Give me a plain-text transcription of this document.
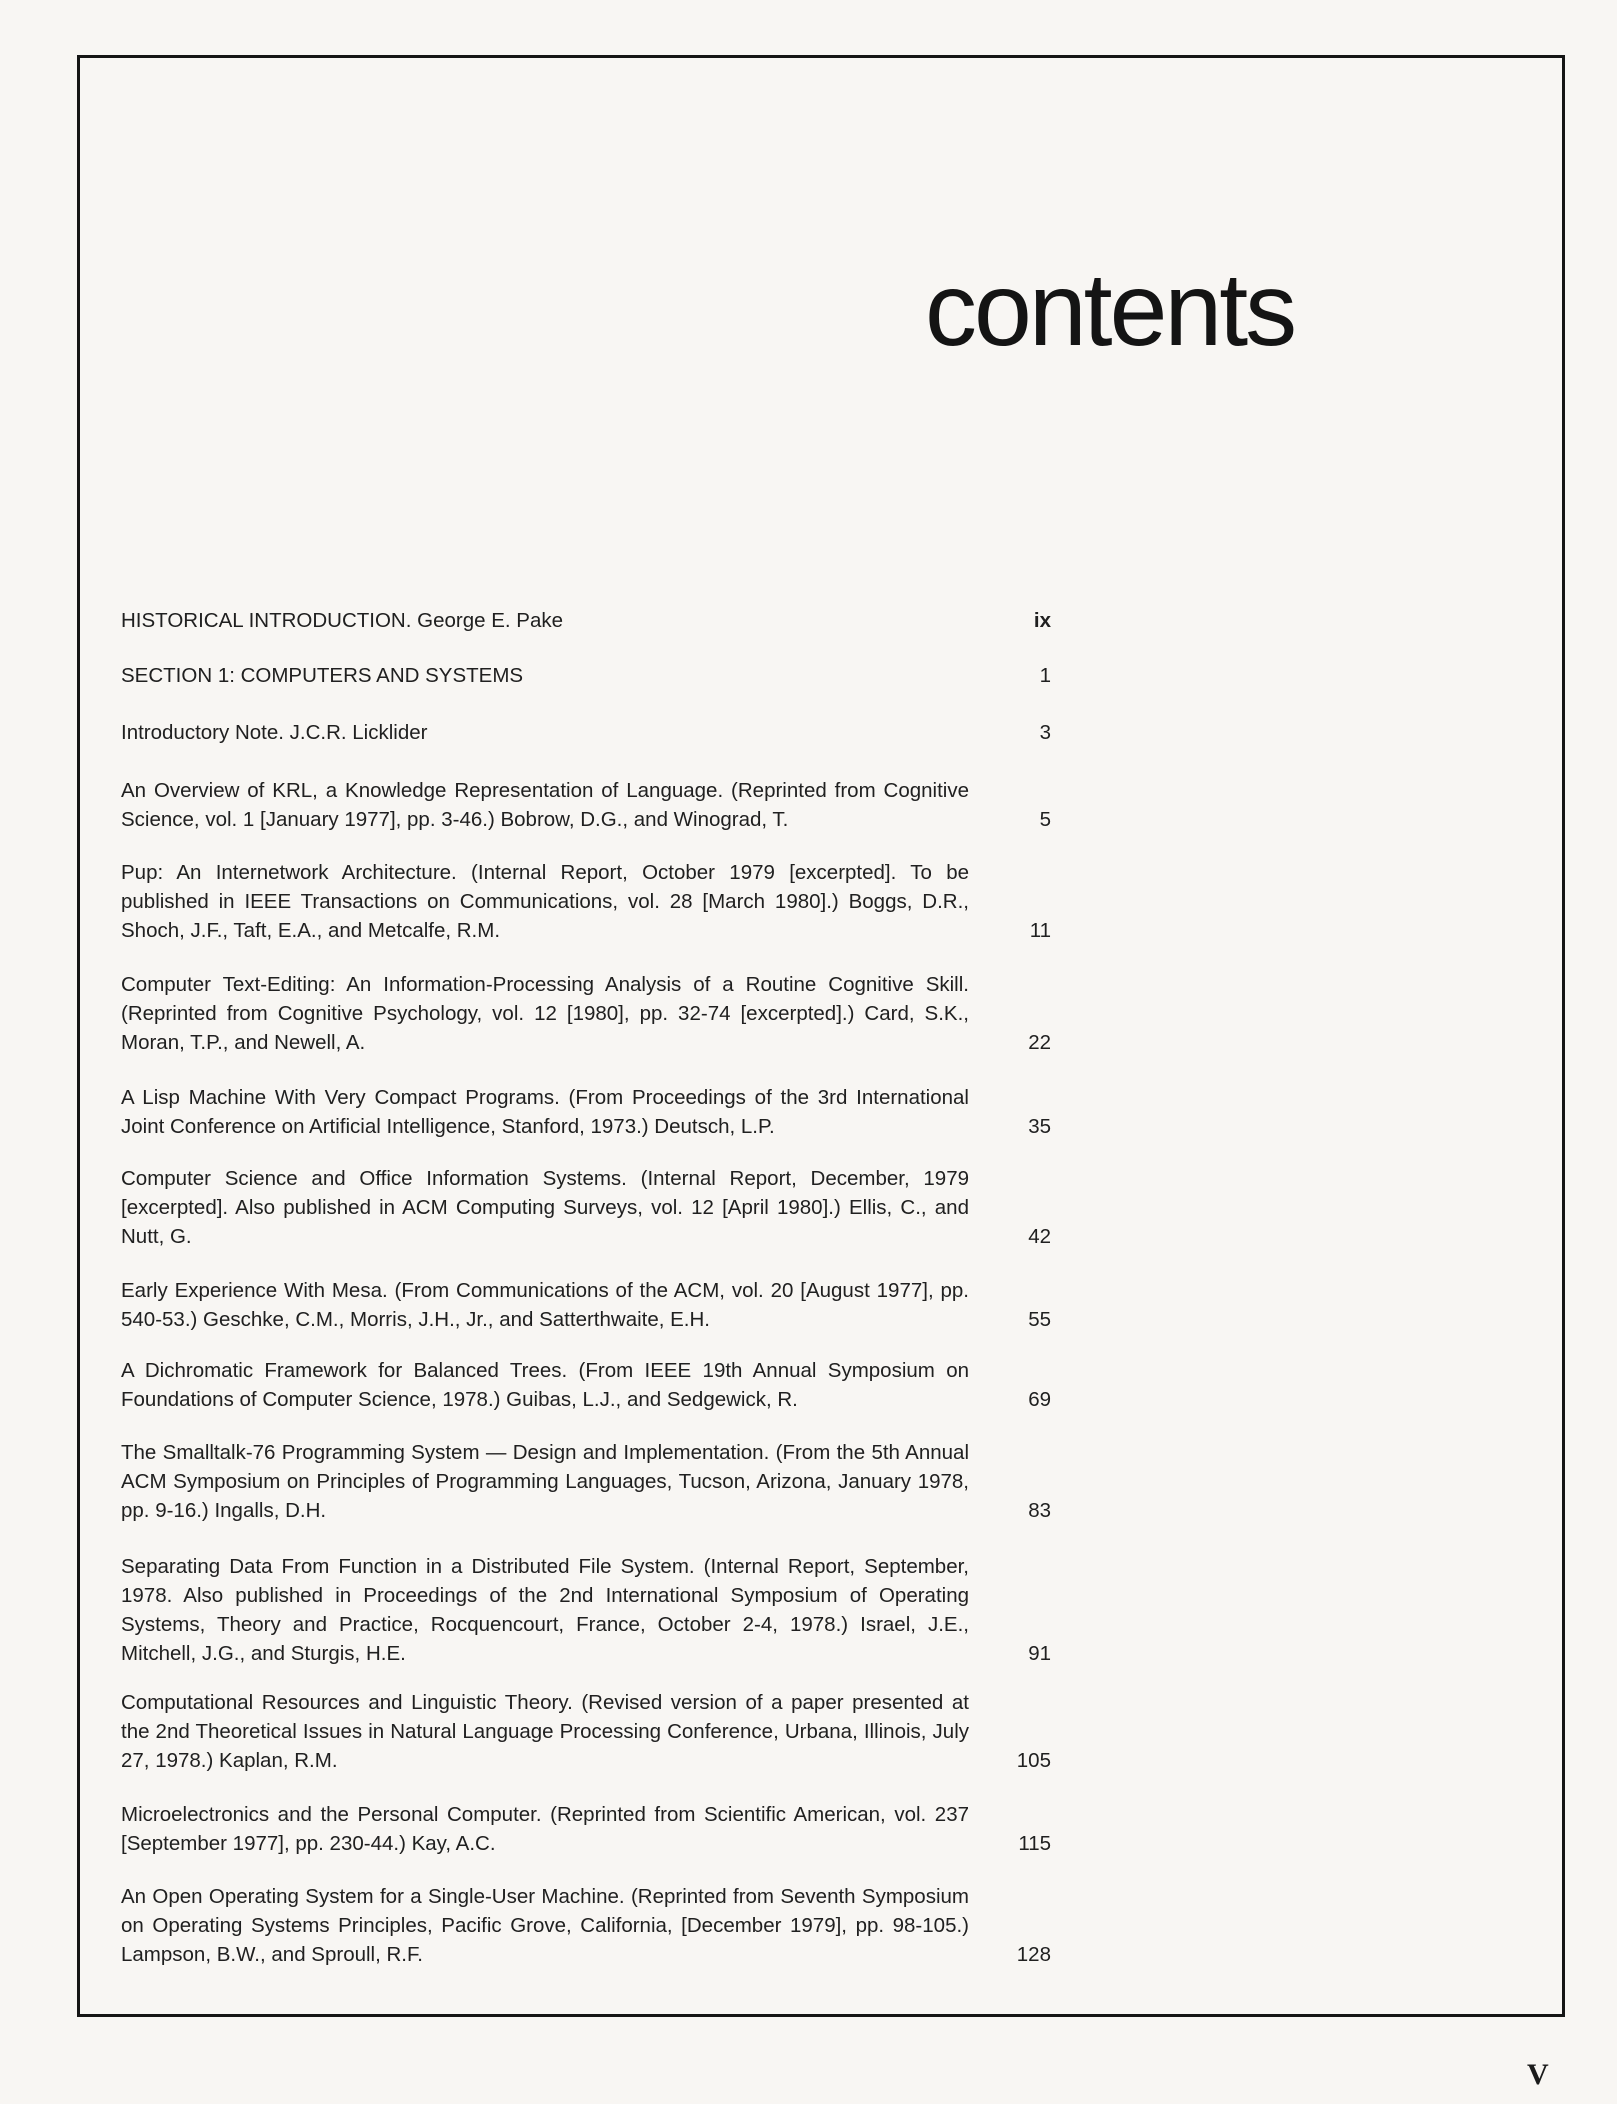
contents
HISTORICAL INTRODUCTION. George E. Pake	ix
SECTION 1: COMPUTERS AND SYSTEMS	1
Introductory Note. J.C.R. Licklider	3
An Overview of KRL, a Knowledge Representation of Language. (Reprinted from Cognitive Science, vol. 1 [January 1977], pp. 3-46.) Bobrow, D.G., and Winograd, T.	5
Pup: An Internetwork Architecture. (Internal Report, October 1979 [excerpted]. To be published in IEEE Transactions on Communications, vol. 28 [March 1980].) Boggs, D.R., Shoch, J.F., Taft, E.A., and Metcalfe, R.M.	11
Computer Text-Editing: An Information-Processing Analysis of a Routine Cognitive Skill. (Reprinted from Cognitive Psychology, vol. 12 [1980], pp. 32-74 [excerpted].) Card, S.K., Moran, T.P., and Newell, A.	22
A Lisp Machine With Very Compact Programs. (From Proceedings of the 3rd International Joint Conference on Artificial Intelligence, Stanford, 1973.) Deutsch, L.P.	35
Computer Science and Office Information Systems. (Internal Report, December, 1979 [excerpted]. Also published in ACM Computing Surveys, vol. 12 [April 1980].) Ellis, C., and Nutt, G.	42
Early Experience With Mesa. (From Communications of the ACM, vol. 20 [August 1977], pp. 540-53.) Geschke, C.M., Morris, J.H., Jr., and Satterthwaite, E.H.	55
A Dichromatic Framework for Balanced Trees. (From IEEE 19th Annual Symposium on Foundations of Computer Science, 1978.) Guibas, L.J., and Sedgewick, R.	69
The Smalltalk-76 Programming System — Design and Implementation. (From the 5th Annual ACM Symposium on Principles of Programming Languages, Tucson, Arizona, January 1978, pp. 9-16.) Ingalls, D.H.	83
Separating Data From Function in a Distributed File System. (Internal Report, September, 1978. Also published in Proceedings of the 2nd International Symposium of Operating Systems, Theory and Practice, Rocquencourt, France, October 2-4, 1978.) Israel, J.E., Mitchell, J.G., and Sturgis, H.E.	91
Computational Resources and Linguistic Theory. (Revised version of a paper presented at the 2nd Theoretical Issues in Natural Language Processing Conference, Urbana, Illinois, July 27, 1978.) Kaplan, R.M.	105
Microelectronics and the Personal Computer. (Reprinted from Scientific American, vol. 237 [September 1977], pp. 230-44.) Kay, A.C.	115
An Open Operating System for a Single-User Machine. (Reprinted from Seventh Symposium on Operating Systems Principles, Pacific Grove, California, [December 1979], pp. 98-105.) Lampson, B.W., and Sproull, R.F.	128
V
